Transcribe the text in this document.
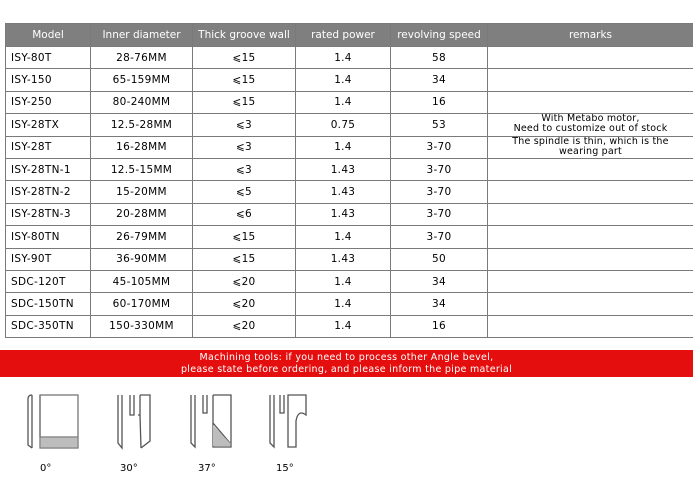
Model	Inner diameter	Thick groove wall	rated power	revolving speed	remarks
ISY-80T	28-76MM	⩽15	1.4	58	
ISY-150	65-159MM	⩽15	1.4	34	
ISY-250	80-240MM	⩽15	1.4	16	
ISY-28TX	12.5-28MM	⩽3	0.75	53	With Metabo motor,
Need to customize out of stock

ISY-28T	16-28MM	⩽3	1.4	3-70	The spindle is thin, which is the
wearing part

ISY-28TN-1	12.5-15MM	⩽3	1.43	3-70	
ISY-28TN-2	15-20MM	⩽5	1.43	3-70	
ISY-28TN-3	20-28MM	⩽6	1.43	3-70	
ISY-80TN	26-79MM	⩽15	1.4	3-70	
ISY-90T	36-90MM	⩽15	1.43	50	
SDC-120T	45-105MM	⩽20	1.4	34	
SDC-150TN	60-170MM	⩽20	1.4	34	
SDC-350TN	150-330MM	⩽20	1.4	16	
Machining tools: if you need to process other Angle bevel,
please state before ordering, and please inform the pipe material
0°	30°	37°	15°
